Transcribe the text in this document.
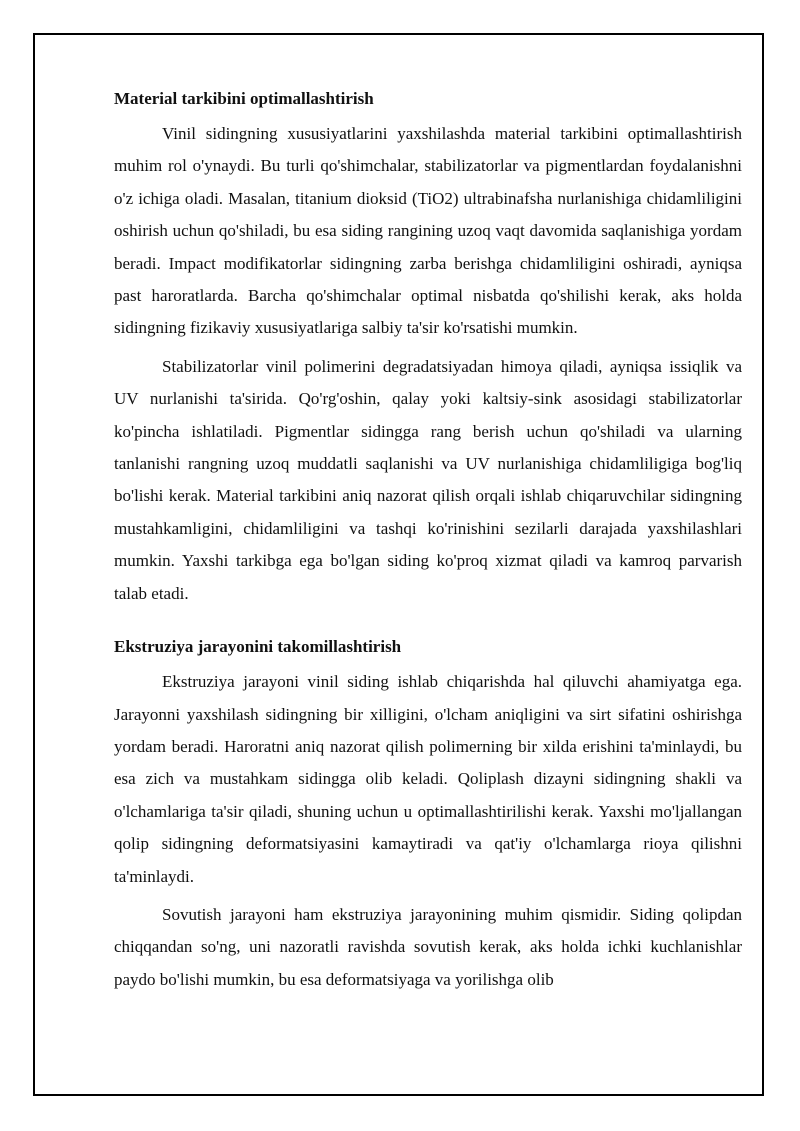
Material tarkibini optimallashtirish

Vinil sidingning xususiyatlarini yaxshilashda material tarkibini optimallashtirish muhim rol o'ynaydi. Bu turli qo'shimchalar, stabilizatorlar va pigmentlardan foydalanishni o'z ichiga oladi. Masalan, titanium dioksid (TiO2) ultrabinafsha nurlanishiga chidamliligini oshirish uchun qo'shiladi, bu esa siding rangining uzoq vaqt davomida saqlanishiga yordam beradi. Impact modifikatorlar sidingning zarba berishga chidamliligini oshiradi, ayniqsa past haroratlarda. Barcha qo'shimchalar optimal nisbatda qo'shilishi kerak, aks holda sidingning fizikaviy xususiyatlariga salbiy ta'sir ko'rsatishi mumkin.

Stabilizatorlar vinil polimerini degradatsiyadan himoya qiladi, ayniqsa issiqlik va UV nurlanishi ta'sirida. Qo'rg'oshin, qalay yoki kaltsiy-sink asosidagi stabilizatorlar ko'pincha ishlatiladi. Pigmentlar sidingga rang berish uchun qo'shiladi va ularning tanlanishi rangning uzoq muddatli saqlanishi va UV nurlanishiga chidamliligiga bog'liq bo'lishi kerak. Material tarkibini aniq nazorat qilish orqali ishlab chiqaruvchilar sidingning mustahkamligini, chidamliligini va tashqi ko'rinishini sezilarli darajada yaxshilashlari mumkin. Yaxshi tarkibga ega bo'lgan siding ko'proq xizmat qiladi va kamroq parvarish talab etadi.

Ekstruziya jarayonini takomillashtirish

Ekstruziya jarayoni vinil siding ishlab chiqarishda hal qiluvchi ahamiyatga ega. Jarayonni yaxshilash sidingning bir xilligini, o'lcham aniqligini va sirt sifatini oshirishga yordam beradi. Haroratni aniq nazorat qilish polimerning bir xilda erishini ta'minlaydi, bu esa zich va mustahkam sidingga olib keladi. Qoliplash dizayni sidingning shakli va o'lchamlariga ta'sir qiladi, shuning uchun u optimallashtirilishi kerak. Yaxshi mo'ljallangan qolip sidingning deformatsiyasini kamaytiradi va qat'iy o'lchamlarga rioya qilishni ta'minlaydi.

Sovutish jarayoni ham ekstruziya jarayonining muhim qismidir. Siding qolipdan chiqqandan so'ng, uni nazoratli ravishda sovutish kerak, aks holda ichki kuchlanishlar paydo bo'lishi mumkin, bu esa deformatsiyaga va yorilishga olib
